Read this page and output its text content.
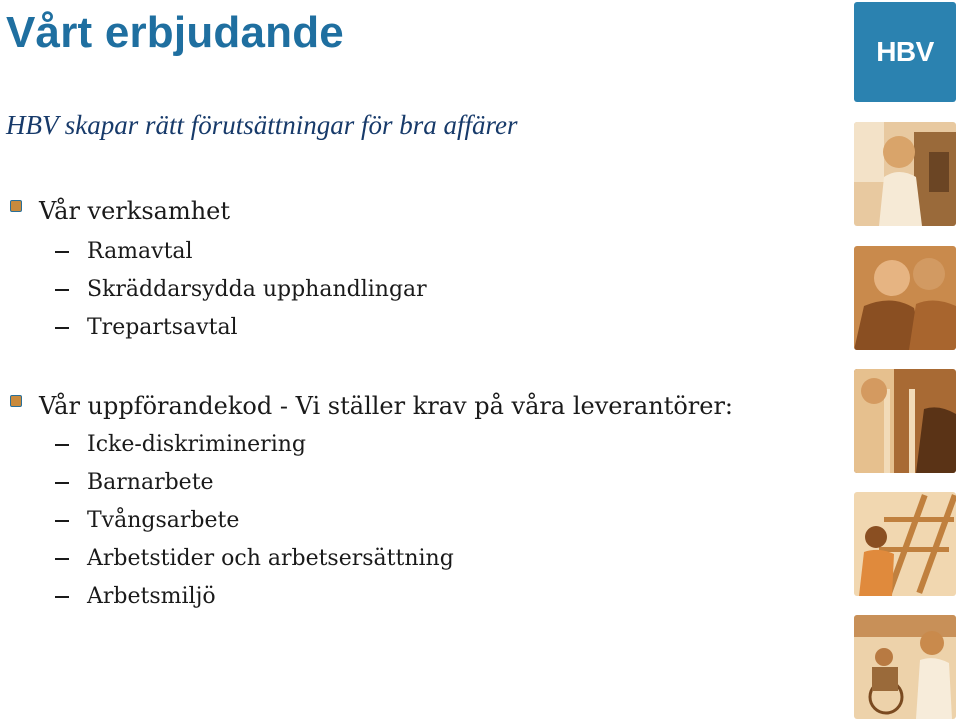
Vårt erbjudande
HBV skapar rätt förutsättningar för bra affärer
Vår verksamhet
Ramavtal
Skräddarsydda upphandlingar
Trepartsavtal
Vår uppförandekod - Vi ställer krav på våra leverantörer:
Icke-diskriminering
Barnarbete
Tvångsarbete
Arbetstider och arbetsersättning
Arbetsmiljö
HBV
